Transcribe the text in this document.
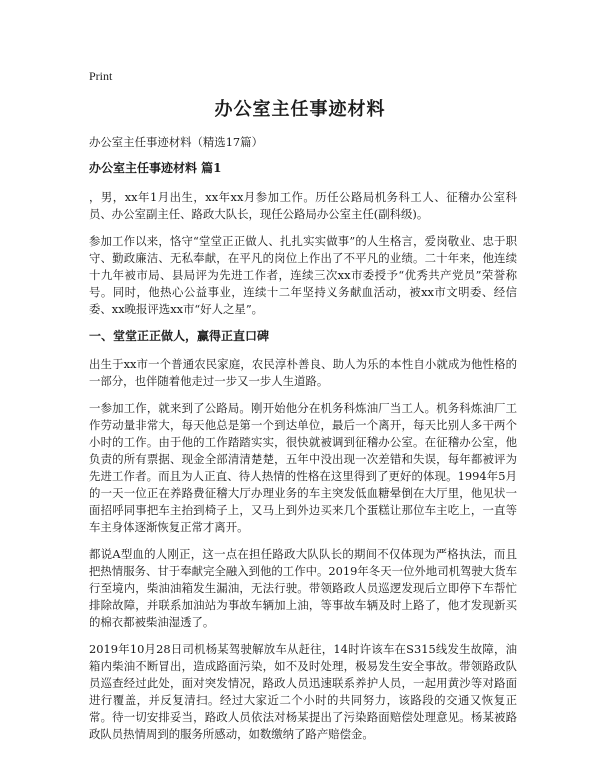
Print
办公室主任事迹材料

办公室主任事迹材料（精选17篇）

办公室主任事迹材料 篇1

，男，xx年1月出生，xx年xx月参加工作。历任公路局机务科工人、征稽办公室科员、办公室副主任、路政大队长，现任公路局办公室主任(副科级)。

参加工作以来，恪守“堂堂正正做人、扎扎实实做事”的人生格言，爱岗敬业、忠于职守、勤政廉洁、无私奉献，在平凡的岗位上作出了不平凡的业绩。二十年来，他连续十九年被市局、县局评为先进工作者，连续三次xx市委授予“优秀共产党员”荣誉称号。同时，他热心公益事业，连续十二年坚持义务献血活动，被xx市文明委、经信委、xx晚报评选xx市“好人之星”。

一、堂堂正正做人，赢得正直口碑

出生于xx市一个普通农民家庭，农民淳朴善良、助人为乐的本性自小就成为他性格的一部分，也伴随着他走过一步又一步人生道路。

一参加工作，就来到了公路局。刚开始他分在机务科炼油厂当工人。机务科炼油厂工作劳动量非常大，每天他总是第一个到达单位，最后一个离开，每天比别人多干两个小时的工作。由于他的工作踏踏实实，很快就被调到征稽办公室。在征稽办公室，他负责的所有票据、现金全部清清楚楚，五年中没出现一次差错和失误，每年都被评为先进工作者。而且为人正直、待人热情的性格在这里得到了更好的体现。1994年5月的一天一位正在养路费征稽大厅办理业务的车主突发低血糖晕倒在大厅里，他见状一面招呼同事把车主抬到椅子上，又马上到外边买来几个蛋糕让那位车主吃上，一直等车主身体逐渐恢复正常才离开。

都说A型血的人刚正，这一点在担任路政大队队长的期间不仅体现为严格执法，而且把热情服务、甘于奉献完全融入到他的工作中。2019年冬天一位外地司机驾驶大货车行至境内，柴油油箱发生漏油，无法行驶。带领路政人员巡逻发现后立即停下车帮忙排除故障，并联系加油站为事故车辆加上油，等事故车辆及时上路了，他才发现新买的棉衣都被柴油湿透了。

2019年10月28日司机杨某驾驶解放车从赶往，14时许该车在S315线发生故障，油箱内柴油不断冒出，造成路面污染，如不及时处理，极易发生安全事故。带领路政队员巡查经过此处，面对突发情况，路政人员迅速联系养护人员，一起用黄沙等对路面进行覆盖，并反复清扫。经过大家近二个小时的共同努力，该路段的交通又恢复正常。待一切安排妥当，路政人员依法对杨某提出了污染路面赔偿处理意见。杨某被路政队员热情周到的服务所感动，如数缴纳了路产赔偿金。
